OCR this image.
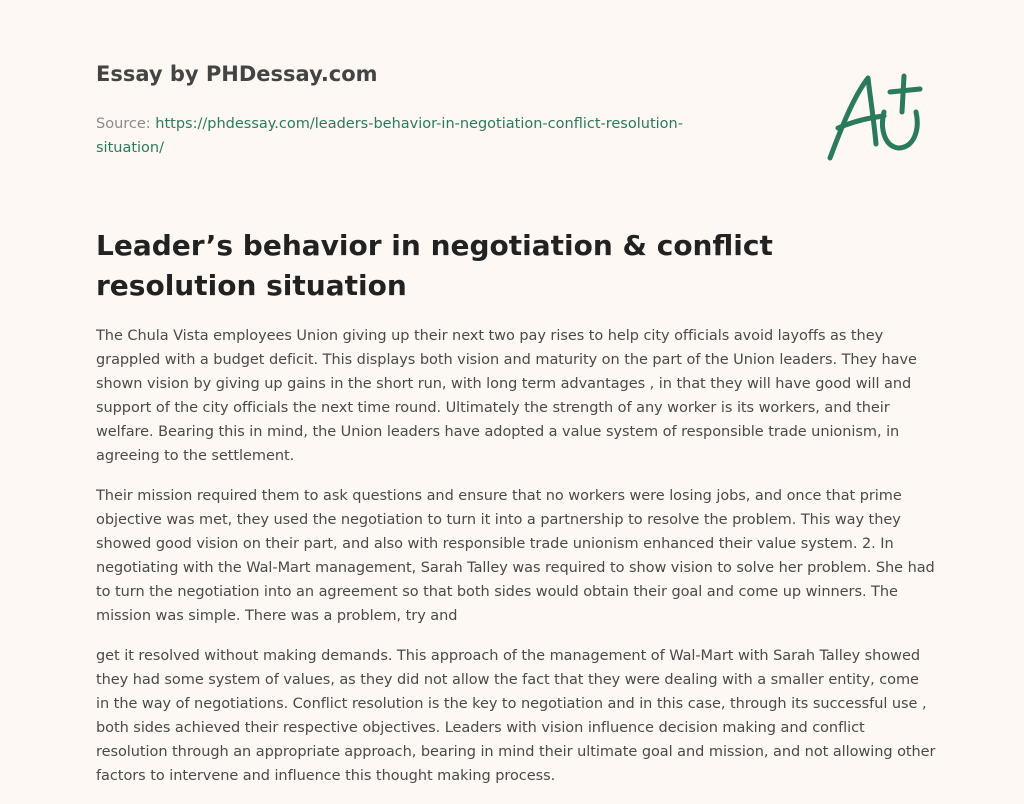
Essay by PHDessay.com
Source: https://phdessay.com/leaders-behavior-in-negotiation-conflict-resolution-situation/
Leader’s behavior in negotiation & conflict resolution situation

The Chula Vista employees Union giving up their next two pay rises to help city officials avoid layoffs as they grappled with a budget deficit. This displays both vision and maturity on the part of the Union leaders. They have shown vision by giving up gains in the short run, with long term advantages , in that they will have good will and support of the city officials the next time round. Ultimately the strength of any worker is its workers, and their welfare. Bearing this in mind, the Union leaders have adopted a value system of responsible trade unionism, in agreeing to the settlement.

Their mission required them to ask questions and ensure that no workers were losing jobs, and once that prime objective was met, they used the negotiation to turn it into a partnership to resolve the problem. This way they showed good vision on their part, and also with responsible trade unionism enhanced their value system. 2. In negotiating with the Wal-Mart management, Sarah Talley was required to show vision to solve her problem. She had to turn the negotiation into an agreement so that both sides would obtain their goal and come up winners. The mission was simple. There was a problem, try and

get it resolved without making demands. This approach of the management of Wal-Mart with Sarah Talley showed they had some system of values, as they did not allow the fact that they were dealing with a smaller entity, come in the way of negotiations. Conflict resolution is the key to negotiation and in this case, through its successful use , both sides achieved their respective objectives. Leaders with vision influence decision making and conflict resolution through an appropriate approach, bearing in mind their ultimate goal and mission, and not allowing other factors to intervene and influence this thought making process.
